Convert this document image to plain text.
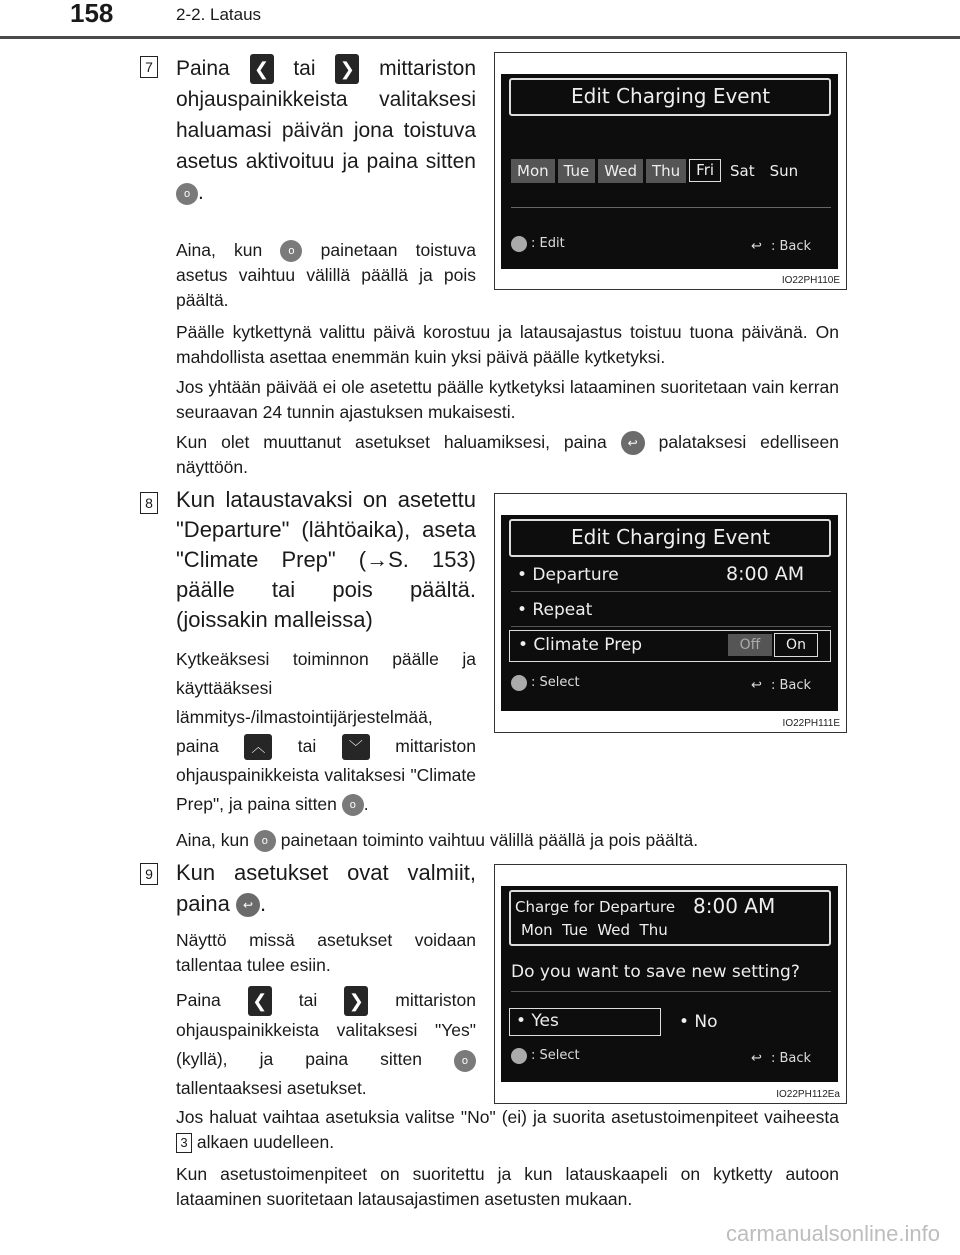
158	2-2. Lataus
7 Paina ❮ tai ❯ mittariston ohjauspainikkeista valitaksesi haluamasi päivän jona toistuva asetus aktivoituu ja paina sitten o .
Aina, kun o painetaan toistuva asetus vaihtuu välillä päällä ja pois päältä.
Edit Charging Event
Mon	Tue	Wed	Thu	Fri	Sat	Sun
: Edit	↩ : Back
IO22PH110E
Päälle kytkettynä valittu päivä korostuu ja latausajastus toistuu tuona päivänä. On mahdollista asettaa enemmän kuin yksi päivä päälle kytketyksi.
Jos yhtään päivää ei ole asetettu päälle kytketyksi lataaminen suoritetaan vain kerran seuraavan 24 tunnin ajastuksen mukaisesti.
Kun olet muuttanut asetukset haluamiksesi, paina ↩ palataksesi edelliseen näyttöön.
8 Kun lataustavaksi on asetettu "Departure" (lähtöaika), aseta "Climate Prep" (→S. 153) päälle tai pois päältä. (joissakin malleissa)
Kytkeäksesi toiminnon päälle ja käyttääksesi lämmitys-/ilmastointijärjestelmää, paina ︿ tai ﹀ mittariston ohjauspainikkeista valitaksesi "Climate Prep", ja paina sitten o .
Edit Charging Event
• Departure	8:00 AM
• Repeat
• Climate Prep	Off	On
: Select	↩ : Back
IO22PH111E
Aina, kun o painetaan toiminto vaihtuu välillä päällä ja pois päältä.
9 Kun asetukset ovat valmiit, paina ↩ .
Näyttö missä asetukset voidaan tallentaa tulee esiin.
Paina ❮ tai ❯ mittariston ohjauspainikkeista valitaksesi "Yes" (kyllä), ja paina sitten	o tallentaaksesi asetukset.
Charge for Departure 8:00 AM
Mon  Tue  Wed  Thu
Do you want to save new setting?
• Yes	• No
: Select	↩ : Back
IO22PH112Ea
Jos haluat vaihtaa asetuksia valitse "No" (ei) ja suorita asetustoimenpiteet vaiheesta 3 alkaen uudelleen.
Kun asetustoimenpiteet on suoritettu ja kun latauskaapeli on kytketty autoon lataaminen suoritetaan latausajastimen asetusten mukaan.
carmanualsonline.info
